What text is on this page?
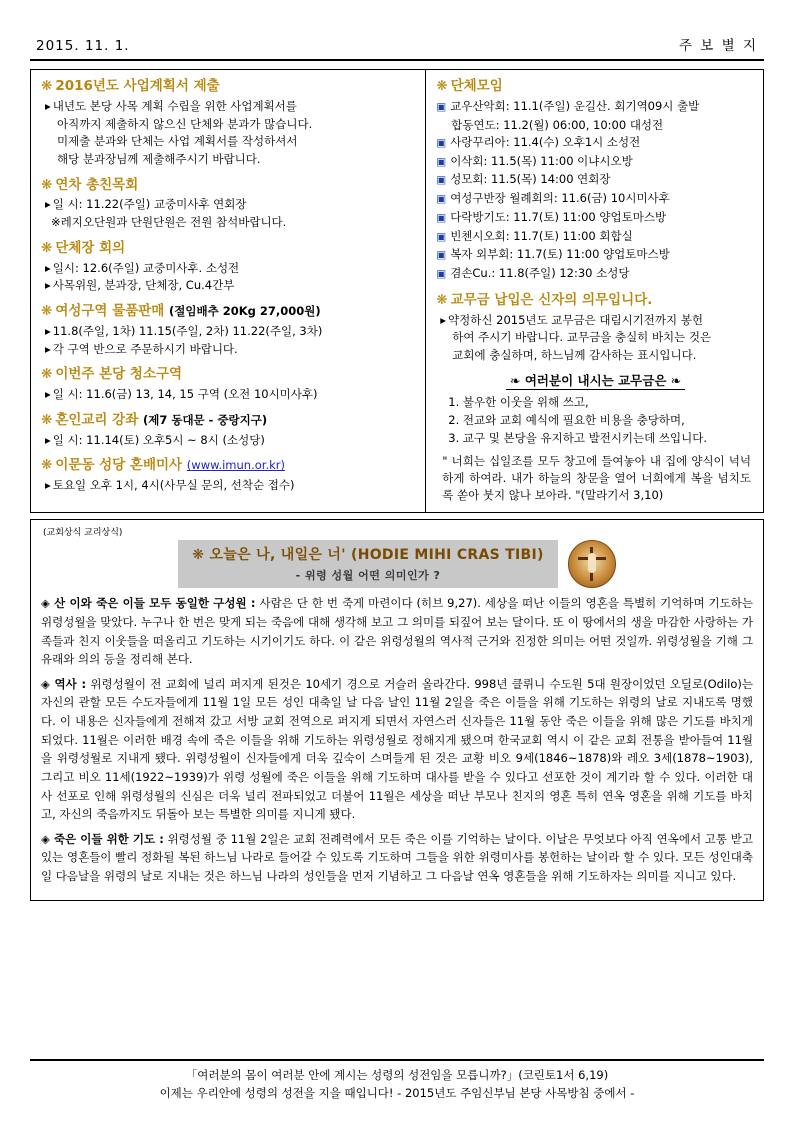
2015. 11. 1.	주 보 별 지
❋ 2016년도 사업계획서 제출
▸ 내년도 본당 사목 계획 수립을 위한 사업계획서를
아직까지 제출하지 않으신 단체와 분과가 많습니다.
미제출 분과와 단체는 사업 계획서를 작성하셔서
해당 분과장님께 제출해주시기 바랍니다.
❋ 연차 총친목회
▸ 일 시: 11.22(주일) 교중미사후 연회장
※레지오단원과 단원단원은 전원 참석바랍니다.
❋ 단체장 회의
▸ 일시: 12.6(주일) 교중미사후. 소성전
▸ 사목위원, 분과장, 단체장, Cu.4간부
❋ 여성구역 물품판매 (절임배추 20Kg 27,000원)
▸ 11.8(주일, 1차) 11.15(주일, 2차) 11.22(주일, 3차)
▸ 각 구역 반으로 주문하시기 바랍니다.
❋ 이번주 본당 청소구역
▸ 일 시: 11.6(금) 13, 14, 15 구역 (오전 10시미사후)
❋ 혼인교리 강좌 (제7 동대문 - 중랑지구)
▸ 일 시: 11.14(토) 오후5시 ~ 8시 (소성당)
❋ 이문동 성당 혼배미사 (www.imun.or.kr)
▸ 토요일 오후 1시, 4시(사무실 문의, 선착순 접수)
❋ 단체모임
▣ 교우산악회: 11.1(주일) 운길산. 회기역09시 출발
합동연도: 11.2(월) 06:00, 10:00 대성전
▣ 사랑꾸리아: 11.4(수) 오후1시 소성전
▣ 이삭회: 11.5(목) 11:00 이냐시오방
▣ 성모회: 11.5(목) 14:00 연회장
▣ 여성구반장 월례회의: 11.6(금) 10시미사후
▣ 다락방기도: 11.7(토) 11:00 양업토마스방
▣ 빈첸시오회: 11.7(토) 11:00 회합실
▣ 복자 외부회: 11.7(토) 11:00 양업토마스방
▣ 겸손Cu.: 11.8(주일) 12:30 소성당
❋ 교무금 납입은 신자의 의무입니다.
▸ 약정하신 2015년도 교무금은 대림시기전까지 봉헌
하여 주시기 바랍니다. 교무금을 충실히 바치는 것은
교회에 충실하며, 하느님께 감사하는 표시입니다.
❧ 여러분이 내시는 교무금은 ❧
1. 불우한 이웃을 위해 쓰고,
2. 전교와 교회 예식에 필요한 비용을 충당하며,
3. 교구 및 본당을 유지하고 발전시키는데 쓰입니다.
" 너희는 십일조를 모두 창고에 들여놓아 내 집에 양식이 넉넉하게 하여라. 내가 하늘의 창문을 열어 너희에게 복을 넘치도록 쏟아 붓지 않나 보아라. "(말라기서 3,10)
(교회상식 교리상식)
❋ 오늘은 나, 내일은 너' (HODIE MIHI CRAS TIBI)
- 위령 성월 어떤 의미인가 ?
◈ 산 이와 죽은 이들 모두 동일한 구성원 : 사람은 단 한 번 죽게 마련이다 (히브 9,27). 세상을 떠난 이들의 영혼을 특별히 기억하며 기도하는 위령성월을 맞았다. 누구나 한 번은 맞게 되는 죽음에 대해 생각해 보고 그 의미를 되짚어 보는 달이다. 또 이 땅에서의 생을 마감한 사랑하는 가족들과 친지 이웃들을 떠올리고 기도하는 시기이기도 하다. 이 같은 위령성월의 역사적 근거와 진정한 의미는 어떤 것일까. 위령성월을 기해 그 유래와 의의 등을 정리해 본다.
◈ 역사 : 위령성월이 전 교회에 널리 퍼지게 된것은 10세기 경으로 거슬러 올라간다. 998년 클뤼니 수도원 5대 원장이었던 오딜로(Odilo)는 자신의 관할 모든 수도자들에게 11월 1일 모든 성인 대축일 날 다음 날인 11월 2일을 죽은 이들을 위해 기도하는 위령의 날로 지내도록 명했다. 이 내용은 신자들에게 전해져 갔고 서방 교회 전역으로 퍼지게 되면서 자연스러 신자들은 11월 동안 죽은 이들을 위해 많은 기도를 바치게 되었다. 11월은 이러한 배경 속에 죽은 이들을 위해 기도하는 위령성월로 정해지게 됐으며 한국교회 역시 이 같은 교회 전통을 받아들여 11월을 위령성월로 지내게 됐다. 위령성월이 신자들에게 더욱 깊숙이 스며들게 된 것은 교황 비오 9세(1846~1878)와 레오 3세(1878~1903), 그리고 비오 11세(1922~1939)가 위령 성월에 죽은 이들을 위해 기도하며 대사를 받을 수 있다고 선포한 것이 계기라 할 수 있다. 이러한 대사 선포로 인해 위령성월의 신심은 더욱 널리 전파되었고 더불어 11월은 세상을 떠난 부모나 친지의 영혼 특히 연옥 영혼을 위해 기도를 바치고, 자신의 죽음까지도 뒤돌아 보는 특별한 의미를 지니게 됐다.
◈ 죽은 이들 위한 기도 : 위령성월 중 11월 2일은 교회 전례력에서 모든 죽은 이를 기억하는 날이다. 이날은 무엇보다 아직 연옥에서 고통 받고 있는 영혼들이 빨리 정화될 복된 하느님 나라로 들어갈 수 있도록 기도하며 그들을 위한 위령미사를 봉헌하는 날이라 할 수 있다. 모든 성인대축일 다음날을 위령의 날로 지내는 것은 하느님 나라의 성인들을 먼저 기념하고 그 다음날 연옥 영혼들을 위해 기도하자는 의미를 지니고 있다.
「여러분의 몸이 여러분 안에 계시는 성령의 성전임을 모릅니까?」(코린토1서 6,19)
이제는 우리안에 성령의 성전을 지을 때입니다! - 2015년도 주임신부님 본당 사목방침 중에서 -
